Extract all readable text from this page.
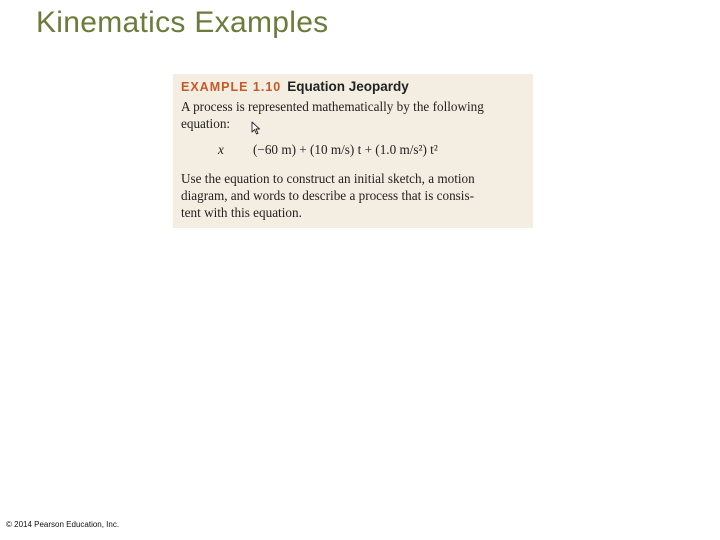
Kinematics Examples
EXAMPLE 1.10 Equation Jeopardy
A process is represented mathematically by the following
equation:
x (−60 m) + (10 m/s) t + (1.0 m/s²) t²
Use the equation to construct an initial sketch, a motion
diagram, and words to describe a process that is consis-
tent with this equation.
© 2014 Pearson Education, Inc.
